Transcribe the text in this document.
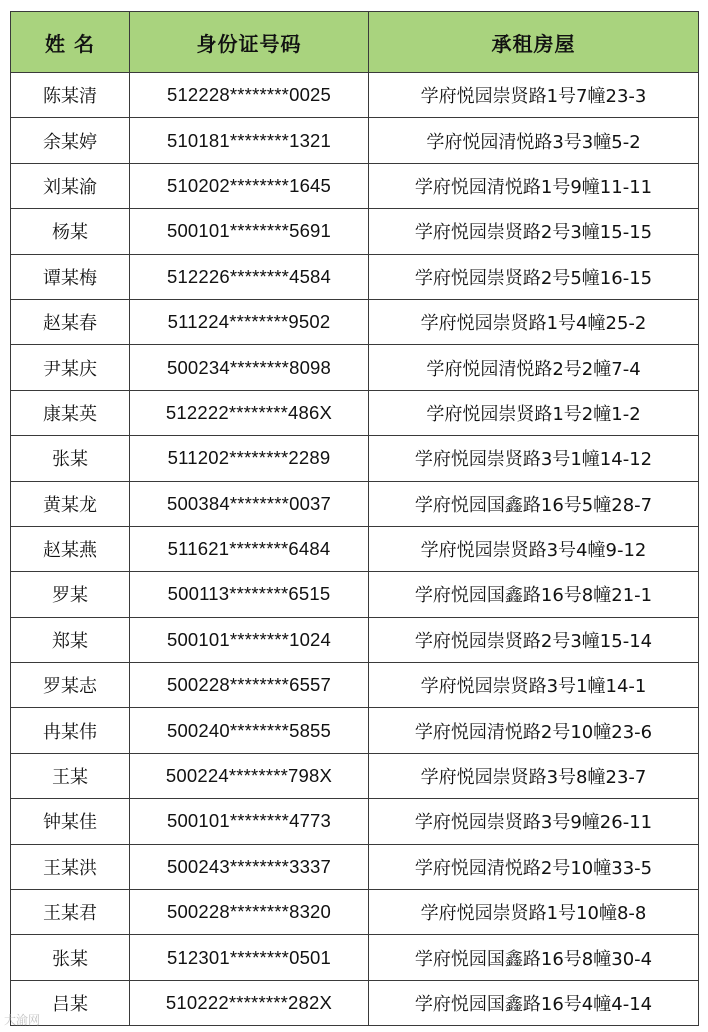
姓 名	身份证号码	承租房屋
陈某清	512228********0025	学府悦园崇贤路1号7幢23-3
余某婷	510181********1321	学府悦园清悦路3号3幢5-2
刘某渝	510202********1645	学府悦园清悦路1号9幢11-11
杨某	500101********5691	学府悦园崇贤路2号3幢15-15
谭某梅	512226********4584	学府悦园崇贤路2号5幢16-15
赵某春	511224********9502	学府悦园崇贤路1号4幢25-2
尹某庆	500234********8098	学府悦园清悦路2号2幢7-4
康某英	512222********486X	学府悦园崇贤路1号2幢1-2
张某	511202********2289	学府悦园崇贤路3号1幢14-12
黄某龙	500384********0037	学府悦园国鑫路16号5幢28-7
赵某燕	511621********6484	学府悦园崇贤路3号4幢9-12
罗某	500113********6515	学府悦园国鑫路16号8幢21-1
郑某	500101********1024	学府悦园崇贤路2号3幢15-14
罗某志	500228********6557	学府悦园崇贤路3号1幢14-1
冉某伟	500240********5855	学府悦园清悦路2号10幢23-6
王某	500224********798X	学府悦园崇贤路3号8幢23-7
钟某佳	500101********4773	学府悦园崇贤路3号9幢26-11
王某洪	500243********3337	学府悦园清悦路2号10幢33-5
王某君	500228********8320	学府悦园崇贤路1号10幢8-8
张某	512301********0501	学府悦园国鑫路16号8幢30-4
吕某	510222********282X	学府悦园国鑫路16号4幢4-14
大渝网
